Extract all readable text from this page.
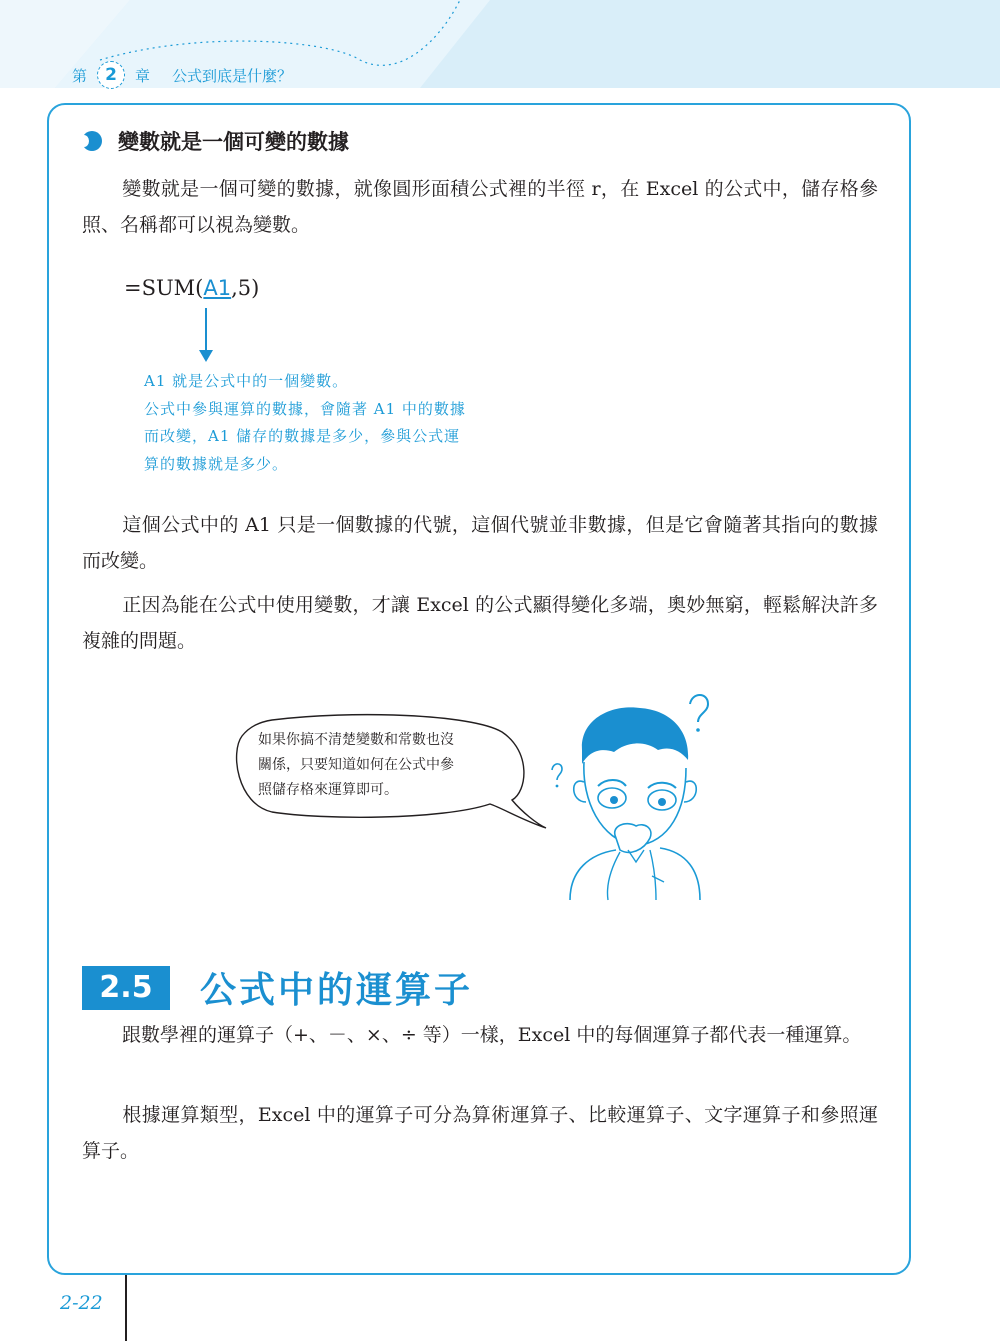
第	2	章 公式到底是什麼？
變數就是一個可變的數據
變數就是一個可變的數據，就像圓形面積公式裡的半徑 r，在 Excel 的公式中，儲存格參照、名稱都可以視為變數。
=SUM(A1,5)
A1 就是公式中的一個變數。
公式中參與運算的數據，會隨著 A1 中的數據
而改變，A1 儲存的數據是多少，參與公式運
算的數據就是多少。
這個公式中的 A1 只是一個數據的代號，這個代號並非數據，但是它會隨著其指向的數據而改變。
正因為能在公式中使用變數，才讓 Excel 的公式顯得變化多端，奧妙無窮，輕鬆解決許多複雜的問題。
如果你搞不清楚變數和常數也沒
關係，只要知道如何在公式中參
照儲存格來運算即可。
2.5	公式中的運算子
跟數學裡的運算子（+、－、×、÷ 等）一樣，Excel 中的每個運算子都代表一種運算。
根據運算類型，Excel 中的運算子可分為算術運算子、比較運算子、文字運算子和參照運算子。
2-22
